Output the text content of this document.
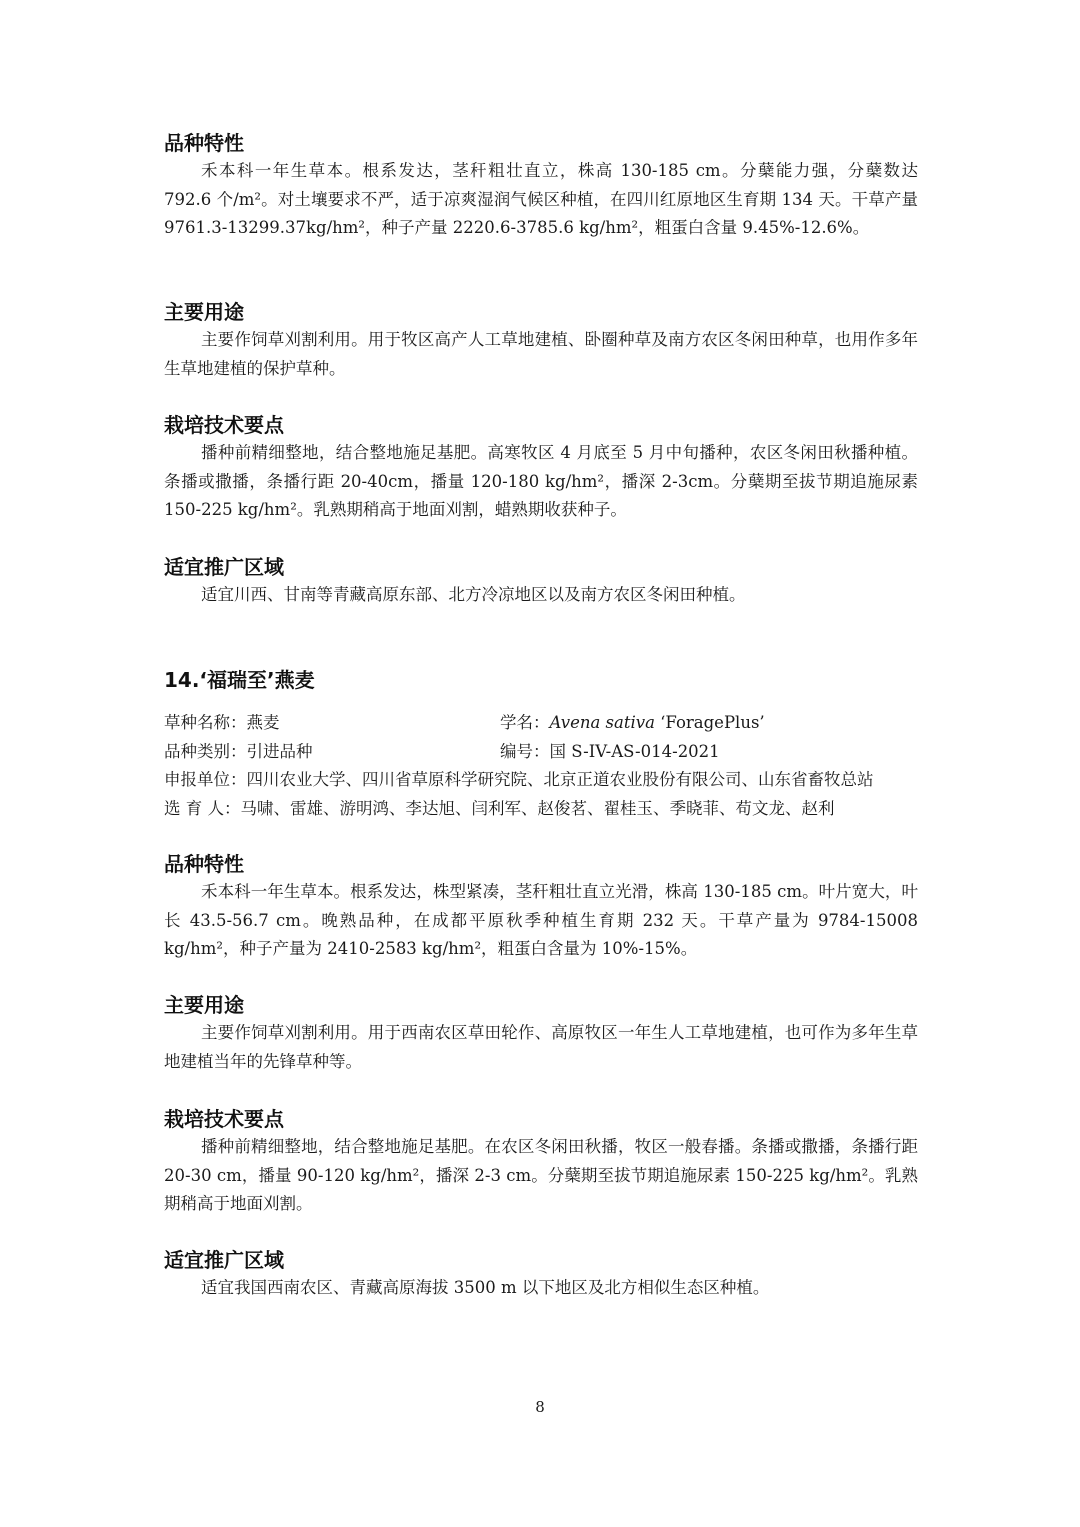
品种特性

禾本科一年生草本。根系发达，茎秆粗壮直立，株高 130-185 cm。分蘖能力强，分蘖数达 792.6 个/m²。对土壤要求不严，适于凉爽湿润气候区种植，在四川红原地区生育期 134 天。干草产量 9761.3-13299.37kg/hm²，种子产量 2220.6-3785.6 kg/hm²，粗蛋白含量 9.45%-12.6%。

主要用途

主要作饲草刈割利用。用于牧区高产人工草地建植、卧圈种草及南方农区冬闲田种草，也用作多年生草地建植的保护草种。

栽培技术要点

播种前精细整地，结合整地施足基肥。高寒牧区 4 月底至 5 月中旬播种，农区冬闲田秋播种植。条播或撒播，条播行距 20-40cm，播量 120-180 kg/hm²，播深 2-3cm。分蘖期至拔节期追施尿素 150-225 kg/hm²。乳熟期稍高于地面刈割，蜡熟期收获种子。

适宜推广区域

适宜川西、甘南等青藏高原东部、北方冷凉地区以及南方农区冬闲田种植。

14.‘福瑞至’燕麦
草种名称：燕麦	学名：Avena sativa ‘ForagePlus’
品种类别：引进品种	编号：国 S-IV-AS-014-2021
申报单位：四川农业大学、四川省草原科学研究院、北京正道农业股份有限公司、山东省畜牧总站
选 育 人：马啸、雷雄、游明鸿、李达旭、闫利军、赵俊茗、翟桂玉、季晓菲、苟文龙、赵利
品种特性

禾本科一年生草本。根系发达，株型紧凑，茎秆粗壮直立光滑，株高 130-185 cm。叶片宽大，叶长 43.5-56.7 cm。晚熟品种，在成都平原秋季种植生育期 232 天。干草产量为 9784-15008 kg/hm²，种子产量为 2410-2583 kg/hm²，粗蛋白含量为 10%-15%。

主要用途

主要作饲草刈割利用。用于西南农区草田轮作、高原牧区一年生人工草地建植，也可作为多年生草地建植当年的先锋草种等。

栽培技术要点

播种前精细整地，结合整地施足基肥。在农区冬闲田秋播，牧区一般春播。条播或撒播，条播行距 20-30 cm，播量 90-120 kg/hm²，播深 2-3 cm。分蘖期至拔节期追施尿素 150-225 kg/hm²。乳熟期稍高于地面刈割。

适宜推广区域

适宜我国西南农区、青藏高原海拔 3500 m 以下地区及北方相似生态区种植。

8
